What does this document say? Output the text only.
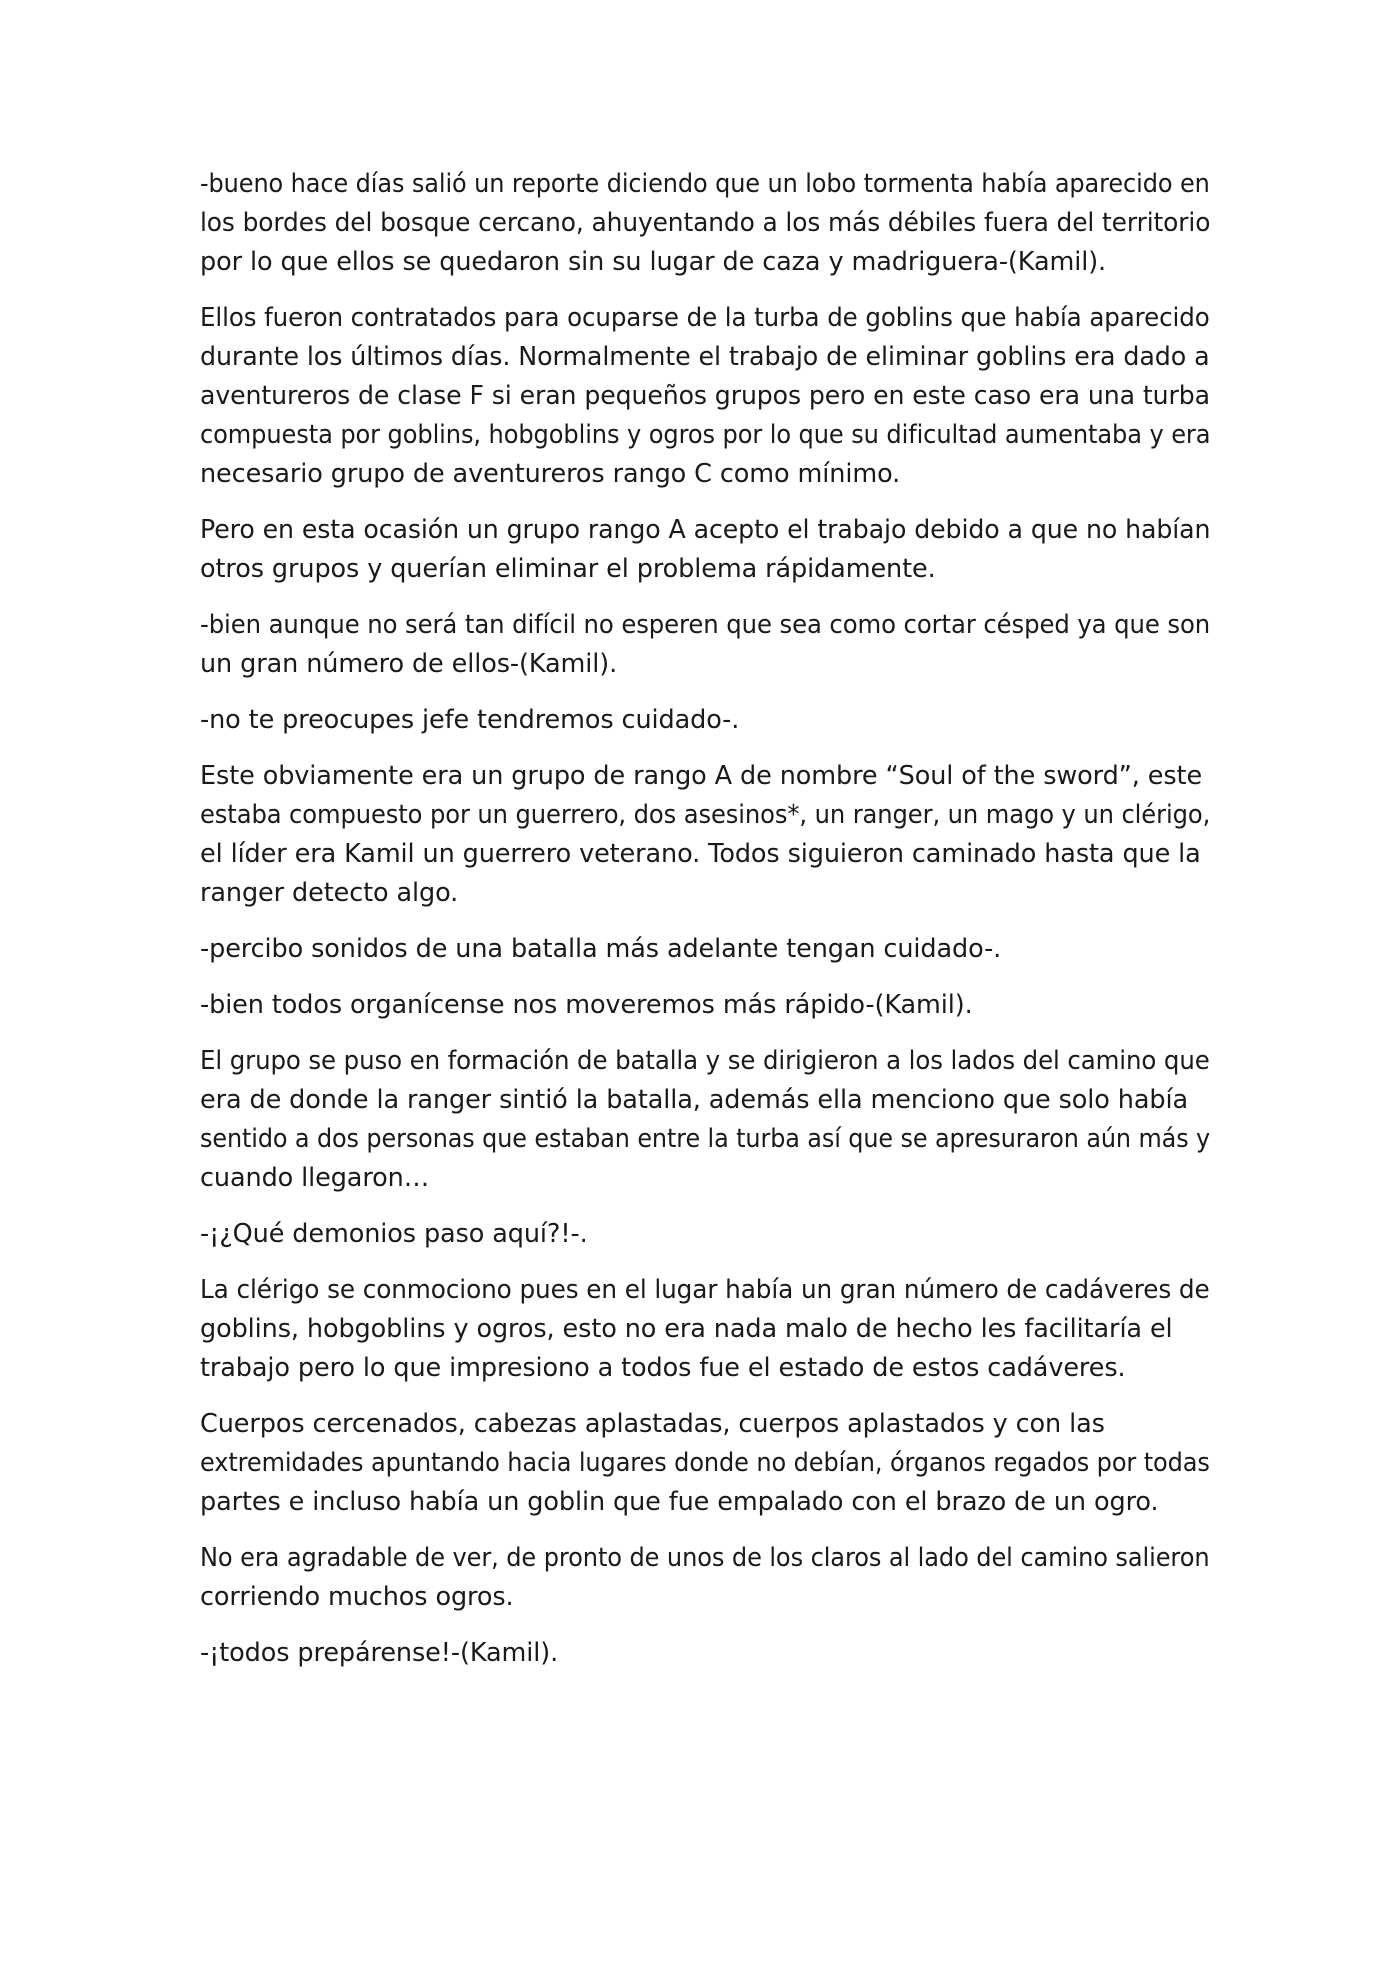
-bueno hace días salió un reporte diciendo que un lobo tormenta había aparecido en
los bordes del bosque cercano, ahuyentando a los más débiles fuera del territorio
por lo que ellos se quedaron sin su lugar de caza y madriguera-(Kamil).
Ellos fueron contratados para ocuparse de la turba de goblins que había aparecido
durante los últimos días. Normalmente el trabajo de eliminar goblins era dado a
aventureros de clase F si eran pequeños grupos pero en este caso era una turba
compuesta por goblins, hobgoblins y ogros por lo que su dificultad aumentaba y era
necesario grupo de aventureros rango C como mínimo.
Pero en esta ocasión un grupo rango A acepto el trabajo debido a que no habían
otros grupos y querían eliminar el problema rápidamente.
-bien aunque no será tan difícil no esperen que sea como cortar césped ya que son
un gran número de ellos-(Kamil).
-no te preocupes jefe tendremos cuidado-.
Este obviamente era un grupo de rango A de nombre “Soul of the sword”, este
estaba compuesto por un guerrero, dos asesinos*, un ranger, un mago y un clérigo,
el líder era Kamil un guerrero veterano. Todos siguieron caminado hasta que la
ranger detecto algo.
-percibo sonidos de una batalla más adelante tengan cuidado-.
-bien todos organícense nos moveremos más rápido-(Kamil).
El grupo se puso en formación de batalla y se dirigieron a los lados del camino que
era de donde la ranger sintió la batalla, además ella menciono que solo había
sentido a dos personas que estaban entre la turba así que se apresuraron aún más y
cuando llegaron…
-¡¿Qué demonios paso aquí?!-.
La clérigo se conmociono pues en el lugar había un gran número de cadáveres de
goblins, hobgoblins y ogros, esto no era nada malo de hecho les facilitaría el
trabajo pero lo que impresiono a todos fue el estado de estos cadáveres.
Cuerpos cercenados, cabezas aplastadas, cuerpos aplastados y con las
extremidades apuntando hacia lugares donde no debían, órganos regados por todas
partes e incluso había un goblin que fue empalado con el brazo de un ogro.
No era agradable de ver, de pronto de unos de los claros al lado del camino salieron
corriendo muchos ogros.
-¡todos prepárense!-(Kamil).
